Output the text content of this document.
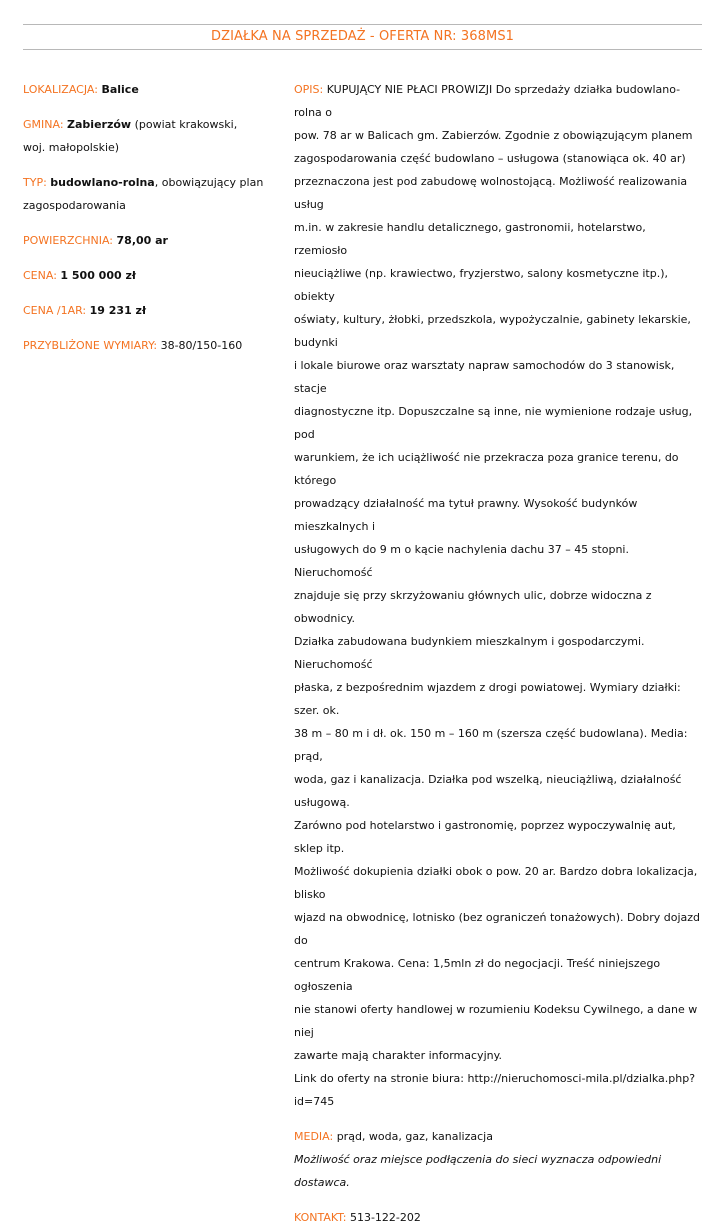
DZIAŁKA NA SPRZEDAŻ - OFERTA NR: 368MS1

LOKALIZACJA: Balice

GMINA: Zabierzów (powiat krakowski,
woj. małopolskie)

TYP: budowlano-rolna, obowiązujący plan
zagospodarowania

POWIERZCHNIA: 78,00 ar

CENA: 1 500 000 zł

CENA /1AR: 19 231 zł

PRZYBLIŻONE WYMIARY: 38-80/150-160

OPIS: KUPUJĄCY NIE PŁACI PROWIZJI Do sprzedaży działka budowlano- rolna o
pow. 78 ar w Balicach gm. Zabierzów. Zgodnie z obowiązującym planem
zagospodarowania część budowlano – usługowa (stanowiąca ok. 40 ar)
przeznaczona jest pod zabudowę wolnostojącą. Możliwość realizowania usług
m.in. w zakresie handlu detalicznego, gastronomii, hotelarstwo, rzemiosło
nieuciążliwe (np. krawiectwo, fryzjerstwo, salony kosmetyczne itp.), obiekty
oświaty, kultury, żłobki, przedszkola, wypożyczalnie, gabinety lekarskie, budynki
i lokale biurowe oraz warsztaty napraw samochodów do 3 stanowisk, stacje
diagnostyczne itp. Dopuszczalne są inne, nie wymienione rodzaje usług, pod
warunkiem, że ich uciążliwość nie przekracza poza granice terenu, do którego
prowadzący działalność ma tytuł prawny. Wysokość budynków mieszkalnych i
usługowych do 9 m o kącie nachylenia dachu 37 – 45 stopni. Nieruchomość
znajduje się przy skrzyżowaniu głównych ulic, dobrze widoczna z obwodnicy.
Działka zabudowana budynkiem mieszkalnym i gospodarczymi. Nieruchomość
płaska, z bezpośrednim wjazdem z drogi powiatowej. Wymiary działki: szer. ok.
38 m – 80 m i dł. ok. 150 m – 160 m (szersza część budowlana). Media: prąd,
woda, gaz i kanalizacja. Działka pod wszelką, nieuciążliwą, działalność usługową.
Zarówno pod hotelarstwo i gastronomię, poprzez wypoczywalnię aut, sklep itp.
Możliwość dokupienia działki obok o pow. 20 ar. Bardzo dobra lokalizacja, blisko
wjazd na obwodnicę, lotnisko (bez ograniczeń tonażowych). Dobry dojazd do
centrum Krakowa. Cena: 1,5mln zł do negocjacji. Treść niniejszego ogłoszenia
nie stanowi oferty handlowej w rozumieniu Kodeksu Cywilnego, a dane w niej
zawarte mają charakter informacyjny.
Link do oferty na stronie biura: http://nieruchomosci-mila.pl/dzialka.php?id=745
MEDIA: prąd, woda, gaz, kanalizacja
Możliwość oraz miejsce podłączenia do sieci wyznacza odpowiedni dostawca.
KONTAKT: 513-122-202
